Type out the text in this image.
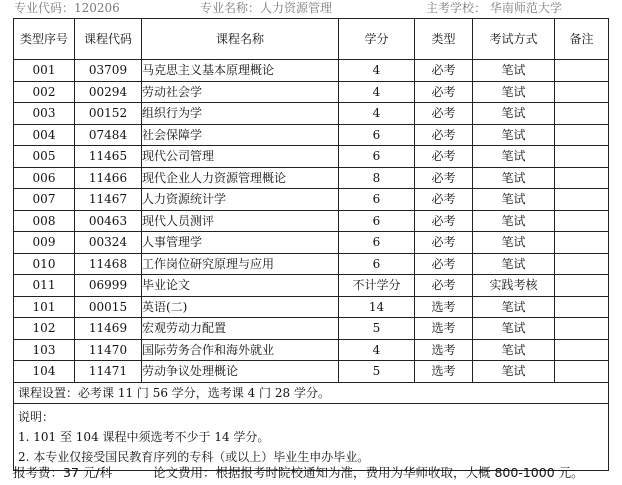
专业代码：120206	专业名称：人力资源管理	主考学校： 华南师范大学
类型序号	课程代码	课程名称	学分	类型	考试方式	备注
001	03709	马克思主义基本原理概论	4	必考	笔试	
002	00294	劳动社会学	4	必考	笔试	
003	00152	组织行为学	4	必考	笔试	
004	07484	社会保障学	6	必考	笔试	
005	11465	现代公司管理	6	必考	笔试	
006	11466	现代企业人力资源管理概论	8	必考	笔试	
007	11467	人力资源统计学	6	必考	笔试	
008	00463	现代人员测评	6	必考	笔试	
009	00324	人事管理学	6	必考	笔试	
010	11468	工作岗位研究原理与应用	6	必考	笔试	
011	06999	毕业论文	不计学分	必考	实践考核	
101	00015	英语(二)	14	选考	笔试	
102	11469	宏观劳动力配置	5	选考	笔试	
103	11470	国际劳务合作和海外就业	4	选考	笔试	
104	11471	劳动争议处理概论	5	选考	笔试	
课程设置：必考课 11 门 56 学分，选考课 4 门 28 学分。						

说明：
1. 101 至 104 课程中须选考不少于 14 学分。
2. 本专业仅接受国民教育序列的专科（或以上）毕业生申办毕业。						
报考费：37 元/科	论文费用：根据报考时院校通知为准，费用为华师收取，大概 800-1000 元。
